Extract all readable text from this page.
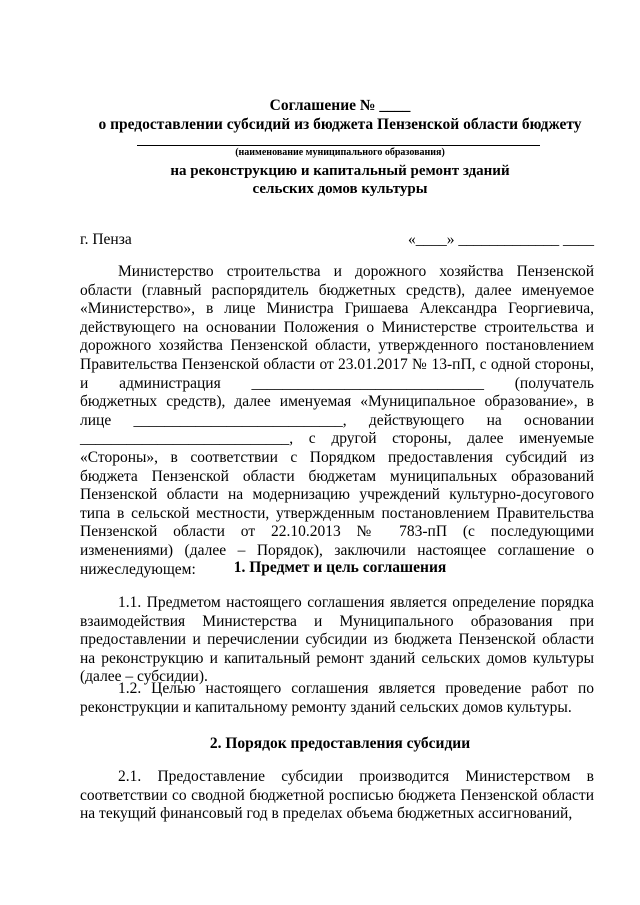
Соглашение № ____
о предоставлении субсидий из бюджета Пензенской области бюджету
(наименование муниципального образования)
на реконструкцию и капитальный ремонт зданий
сельских домов культуры
г. Пенза	«____» _____________ ____

Министерство строительства и дорожного хозяйства Пензенской области (главный распорядитель бюджетных средств), далее именуемое «Министерство», в лице Министра Гришаева Александра Георгиевича, действующего на основании Положения о Министерстве строительства и дорожного хозяйства Пензенской области, утвержденного постановлением Правительства Пензенской области от 23.01.2017 № 13-пП, с одной стороны, и администрация ______________________________ (получатель бюджетных средств), далее именуемая «Муниципальное образование», в лице ___________________________, действующего на основании ___________________________, с другой стороны, далее именуемые «Стороны», в соответствии с Порядком предоставления субсидий из бюджета Пензенской области бюджетам муниципальных образований Пензенской области на модернизацию учреждений культурно-досугового типа в сельской местности, утвержденным постановлением Правительства Пензенской области от 22.10.2013 № 783-пП (с последующими изменениями) (далее – Порядок), заключили настоящее соглашение о нижеследующем:	1. Предмет и цель соглашения

1.1. Предметом настоящего соглашения является определение порядка взаимодействия Министерства и Муниципального образования при предоставлении и перечислении субсидии из бюджета Пензенской области на реконструкцию и капитальный ремонт зданий сельских домов культуры (далее – субсидии).

1.2. Целью настоящего соглашения является проведение работ по реконструкции и капитальному ремонту зданий сельских домов культуры.

2. Порядок предоставления субсидии

2.1. Предоставление субсидии производится Министерством в соответствии со сводной бюджетной росписью бюджета Пензенской области на текущий финансовый год в пределах объема бюджетных ассигнований,
